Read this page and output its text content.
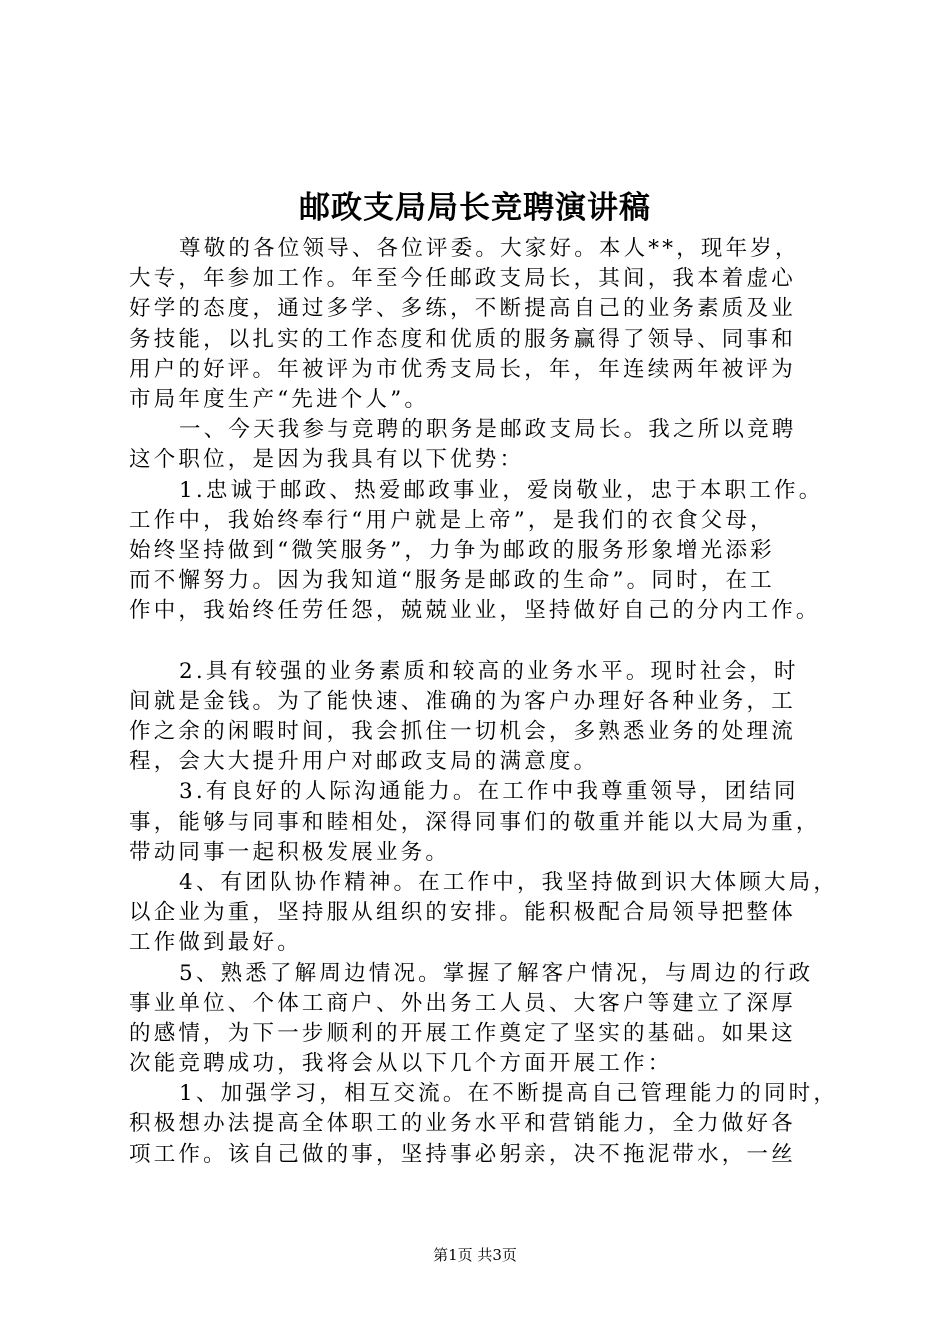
邮政支局局长竞聘演讲稿
尊敬的各位领导、各位评委。大家好。本人**，现年岁，
大专，年参加工作。年至今任邮政支局长，其间，我本着虚心
好学的态度，通过多学、多练，不断提高自己的业务素质及业
务技能，以扎实的工作态度和优质的服务赢得了领导、同事和
用户的好评。年被评为市优秀支局长，年，年连续两年被评为
市局年度生产“先进个人”。
一、今天我参与竞聘的职务是邮政支局长。我之所以竞聘
这个职位，是因为我具有以下优势：
1.忠诚于邮政、热爱邮政事业，爱岗敬业，忠于本职工作。
工作中，我始终奉行“用户就是上帝”，是我们的衣食父母，
始终坚持做到“微笑服务”，力争为邮政的服务形象增光添彩
而不懈努力。因为我知道“服务是邮政的生命”。同时，在工
作中，我始终任劳任怨，兢兢业业，坚持做好自己的分内工作。
2.具有较强的业务素质和较高的业务水平。现时社会，时
间就是金钱。为了能快速、准确的为客户办理好各种业务，工
作之余的闲暇时间，我会抓住一切机会，多熟悉业务的处理流
程，会大大提升用户对邮政支局的满意度。
3.有良好的人际沟通能力。在工作中我尊重领导，团结同
事，能够与同事和睦相处，深得同事们的敬重并能以大局为重，
带动同事一起积极发展业务。
4、有团队协作精神。在工作中，我坚持做到识大体顾大局，
以企业为重，坚持服从组织的安排。能积极配合局领导把整体
工作做到最好。
5、熟悉了解周边情况。掌握了解客户情况，与周边的行政
事业单位、个体工商户、外出务工人员、大客户等建立了深厚
的感情，为下一步顺利的开展工作奠定了坚实的基础。如果这
次能竞聘成功，我将会从以下几个方面开展工作：
1、加强学习，相互交流。在不断提高自己管理能力的同时，
积极想办法提高全体职工的业务水平和营销能力，全力做好各
项工作。该自己做的事，坚持事必躬亲，决不拖泥带水，一丝
第1页 共3页
